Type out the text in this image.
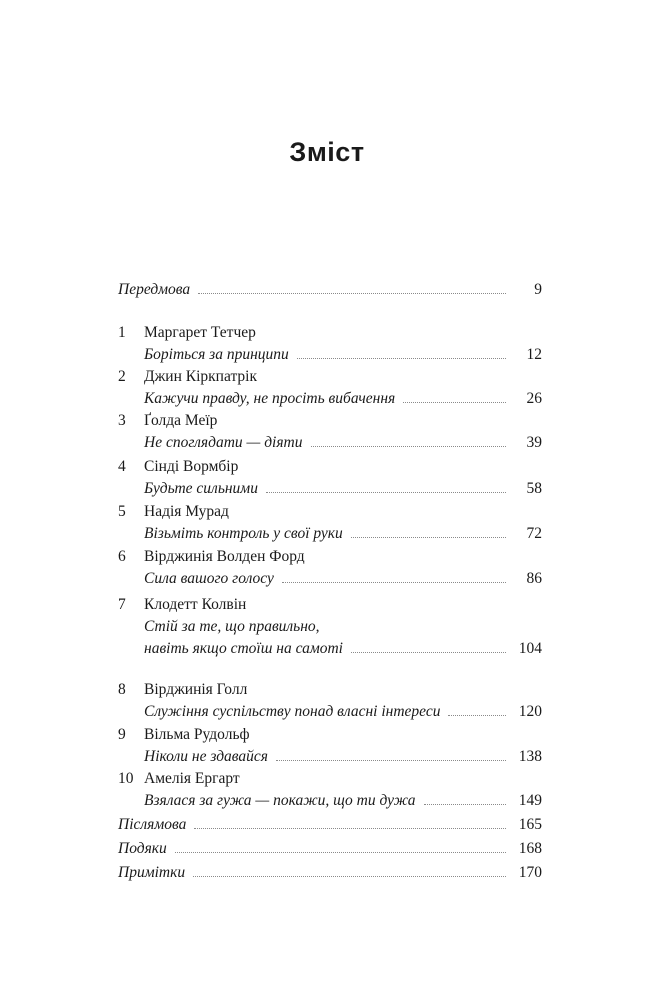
Зміст
Передмова	9
1	Маргарет Тетчер
Боріться за принципи	12
2	Джин Кіркпатрік
Кажучи правду, не просіть вибачення	26
3	Ґолда Меїр
Не споглядати — діяти	39
4	Сінді Вормбір
Будьте сильними	58
5	Надія Мурад
Візьміть контроль у свої руки	72
6	Вірджинія Волден Форд
Сила вашого голосу	86
7	Клодетт Колвін
Стій за те, що правильно,
навіть якщо стоїш на самоті	104
8	Вірджинія Голл
Служіння суспільству понад власні інтереси	120
9	Вільма Рудольф
Ніколи не здавайся	138
10 Амелія Ергарт
Взялася за гужа — покажи, що ти дужа	149
Післямова	165
Подяки	168
Примітки	170
